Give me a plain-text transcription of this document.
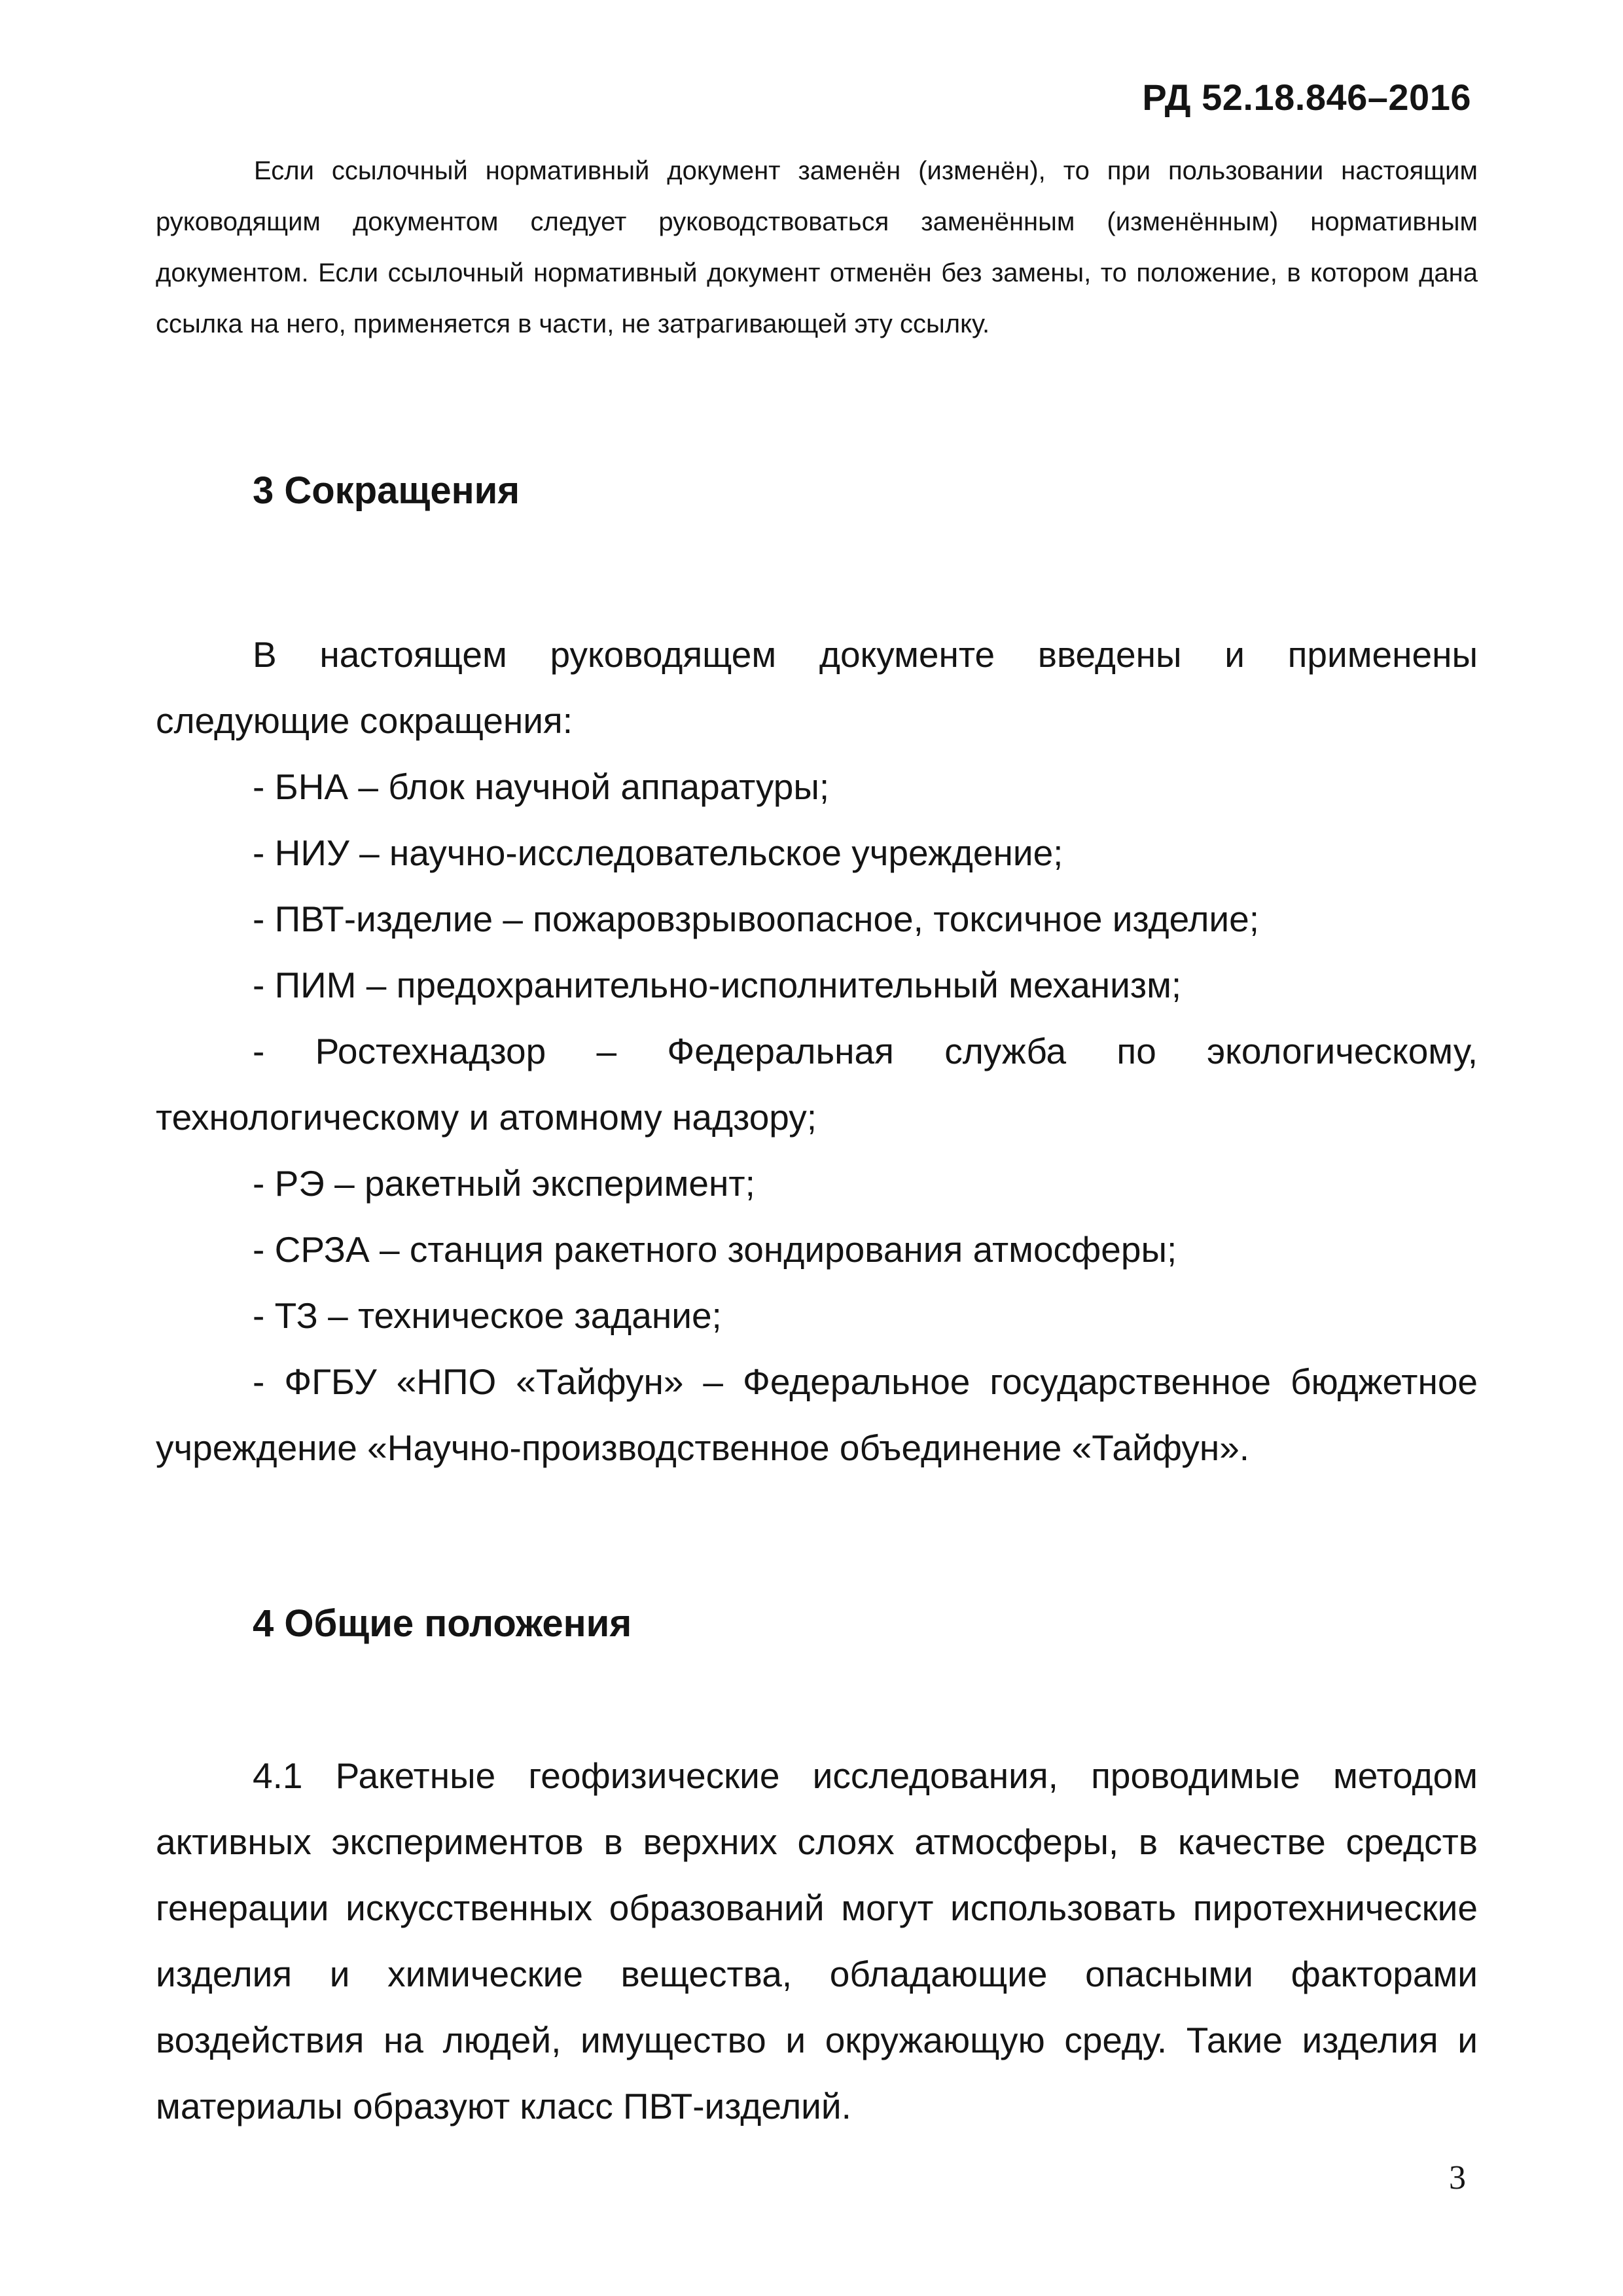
РД 52.18.846–2016
Если ссылочный нормативный документ заменён (изменён), то при пользовании настоящим руководящим документом следует руководствоваться заменённым (изменённым) нормативным документом. Если ссылочный нормативный документ отменён без замены, то положение, в котором дана ссылка на него, применяется в части, не затрагивающей эту ссылку.
3 Сокращения
В настоящем руководящем документе введены и применены следующие сокращения:
- БНА – блок научной аппаратуры;
- НИУ – научно-исследовательское учреждение;
- ПВТ-изделие – пожаровзрывоопасное, токсичное изделие;
- ПИМ – предохранительно-исполнительный механизм;
- Ростехнадзор – Федеральная служба по экологическому, технологическому и атомному надзору;
- РЭ – ракетный эксперимент;
- СРЗА – станция ракетного зондирования атмосферы;
- ТЗ – техническое задание;
- ФГБУ «НПО «Тайфун» – Федеральное государственное бюджетное учреждение «Научно-производственное объединение «Тайфун».
4 Общие положения
4.1 Ракетные геофизические исследования, проводимые методом активных экспериментов в верхних слоях атмосферы, в качестве средств генерации искусственных образований могут использовать пиротехнические изделия и химические вещества, обладающие опасными факторами воздействия на людей, имущество и окружающую среду. Такие изделия и материалы образуют класс ПВТ-изделий.
3
